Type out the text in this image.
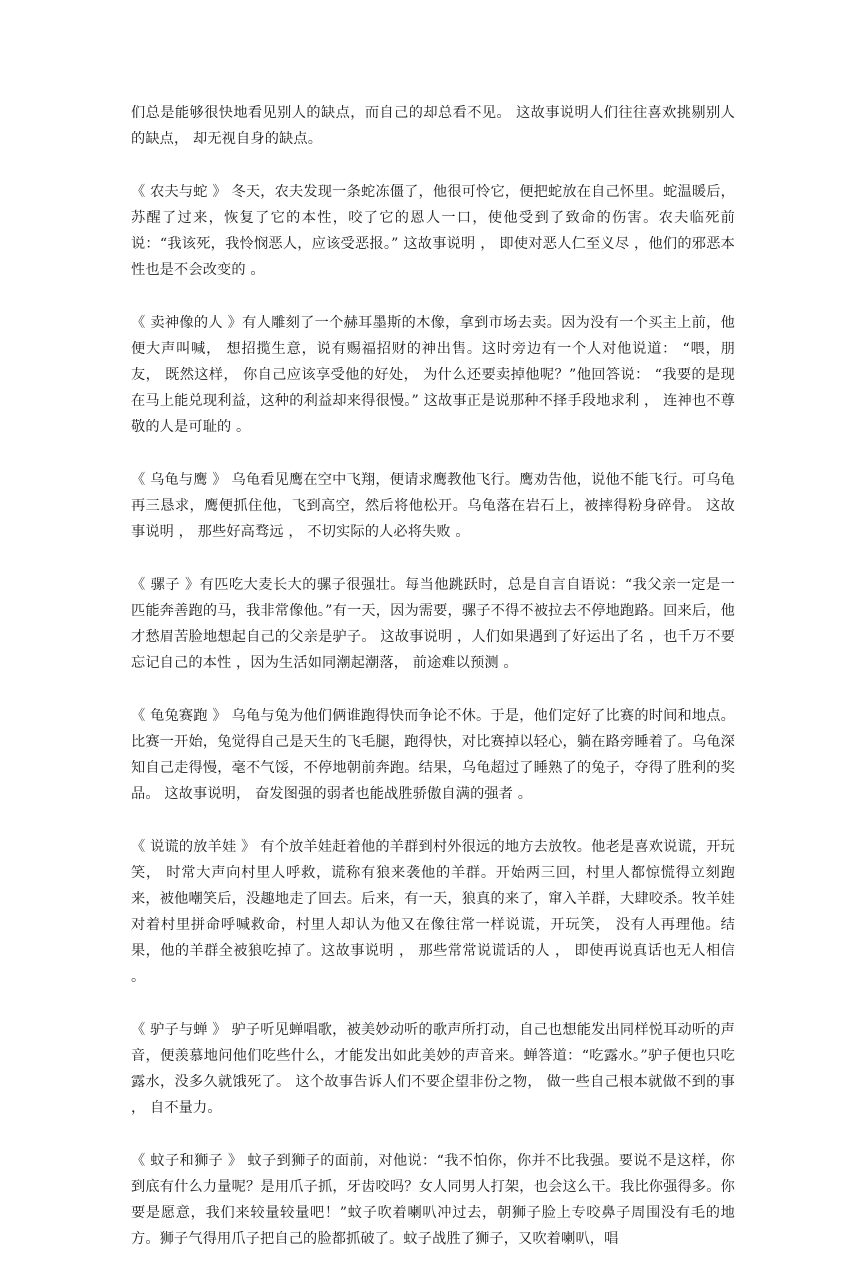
们总是能够很快地看见别人的缺点，而自己的却总看不见。 这故事说明人们往往喜欢挑剔别人的缺点， 却无视自身的缺点。

《 农夫与蛇 》 冬天，农夫发现一条蛇冻僵了，他很可怜它，便把蛇放在自己怀里。蛇温暖后， 苏醒了过来，恢复了它的本性，咬了它的恩人一口，使他受到了致命的伤害。农夫临死前说：“我该死，我怜悯恶人，应该受恶报。” 这故事说明 ， 即使对恶人仁至义尽 ，他们的邪恶本性也是不会改变的 。

《 卖神像的人 》有人雕刻了一个赫耳墨斯的木像，拿到市场去卖。因为没有一个买主上前，他便大声叫喊， 想招揽生意，说有赐福招财的神出售。这时旁边有一个人对他说道： “喂，朋友， 既然这样， 你自己应该享受他的好处， 为什么还要卖掉他呢？”他回答说： “我要的是现在马上能兑现利益，这种的利益却来得很慢。” 这故事正是说那种不择手段地求利 ， 连神也不尊敬的人是可耻的 。

《 乌龟与鹰 》 乌龟看见鹰在空中飞翔，便请求鹰教他飞行。鹰劝告他，说他不能飞行。可乌龟再三恳求，鹰便抓住他，飞到高空，然后将他松开。乌龟落在岩石上，被摔得粉身碎骨。 这故事说明 ， 那些好高骛远 ， 不切实际的人必将失败 。

《 骡子 》有匹吃大麦长大的骡子很强壮。每当他跳跃时，总是自言自语说：“我父亲一定是一匹能奔善跑的马，我非常像他。”有一天，因为需要，骡子不得不被拉去不停地跑路。回来后，他才愁眉苦脸地想起自己的父亲是驴子。 这故事说明 ，人们如果遇到了好运出了名 ，也千万不要忘记自己的本性 ，因为生活如同潮起潮落， 前途难以预测 。

《 龟兔赛跑 》 乌龟与兔为他们俩谁跑得快而争论不休。于是，他们定好了比赛的时间和地点。 比赛一开始，兔觉得自己是天生的飞毛腿，跑得快，对比赛掉以轻心，躺在路旁睡着了。乌龟深知自己走得慢，毫不气馁，不停地朝前奔跑。结果，乌龟超过了睡熟了的兔子，夺得了胜利的奖品。 这故事说明， 奋发图强的弱者也能战胜骄傲自满的强者 。

《 说谎的放羊娃 》 有个放羊娃赶着他的羊群到村外很远的地方去放牧。他老是喜欢说谎，开玩笑， 时常大声向村里人呼救，谎称有狼来袭他的羊群。开始两三回，村里人都惊慌得立刻跑来，被他嘲笑后，没趣地走了回去。后来，有一天，狼真的来了，窜入羊群，大肆咬杀。牧羊娃对着村里拼命呼喊救命，村里人却认为他又在像往常一样说谎，开玩笑， 没有人再理他。结果，他的羊群全被狼吃掉了。这故事说明 ， 那些常常说谎话的人 ， 即使再说真话也无人相信 。

《 驴子与蝉 》 驴子听见蝉唱歌，被美妙动听的歌声所打动，自己也想能发出同样悦耳动听的声音，便羡慕地问他们吃些什么，才能发出如此美妙的声音来。蝉答道：“吃露水。”驴子便也只吃露水，没多久就饿死了。 这个故事告诉人们不要企望非份之物， 做一些自己根本就做不到的事 ， 自不量力。

《 蚊子和狮子 》 蚊子到狮子的面前，对他说：“我不怕你，你并不比我强。要说不是这样，你到底有什么力量呢？是用爪子抓，牙齿咬吗？女人同男人打架，也会这么干。我比你强得多。你要是愿意，我们来较量较量吧！”蚊子吹着喇叭冲过去，朝狮子脸上专咬鼻子周围没有毛的地方。狮子气得用爪子把自己的脸都抓破了。蚊子战胜了狮子，又吹着喇叭，唱
